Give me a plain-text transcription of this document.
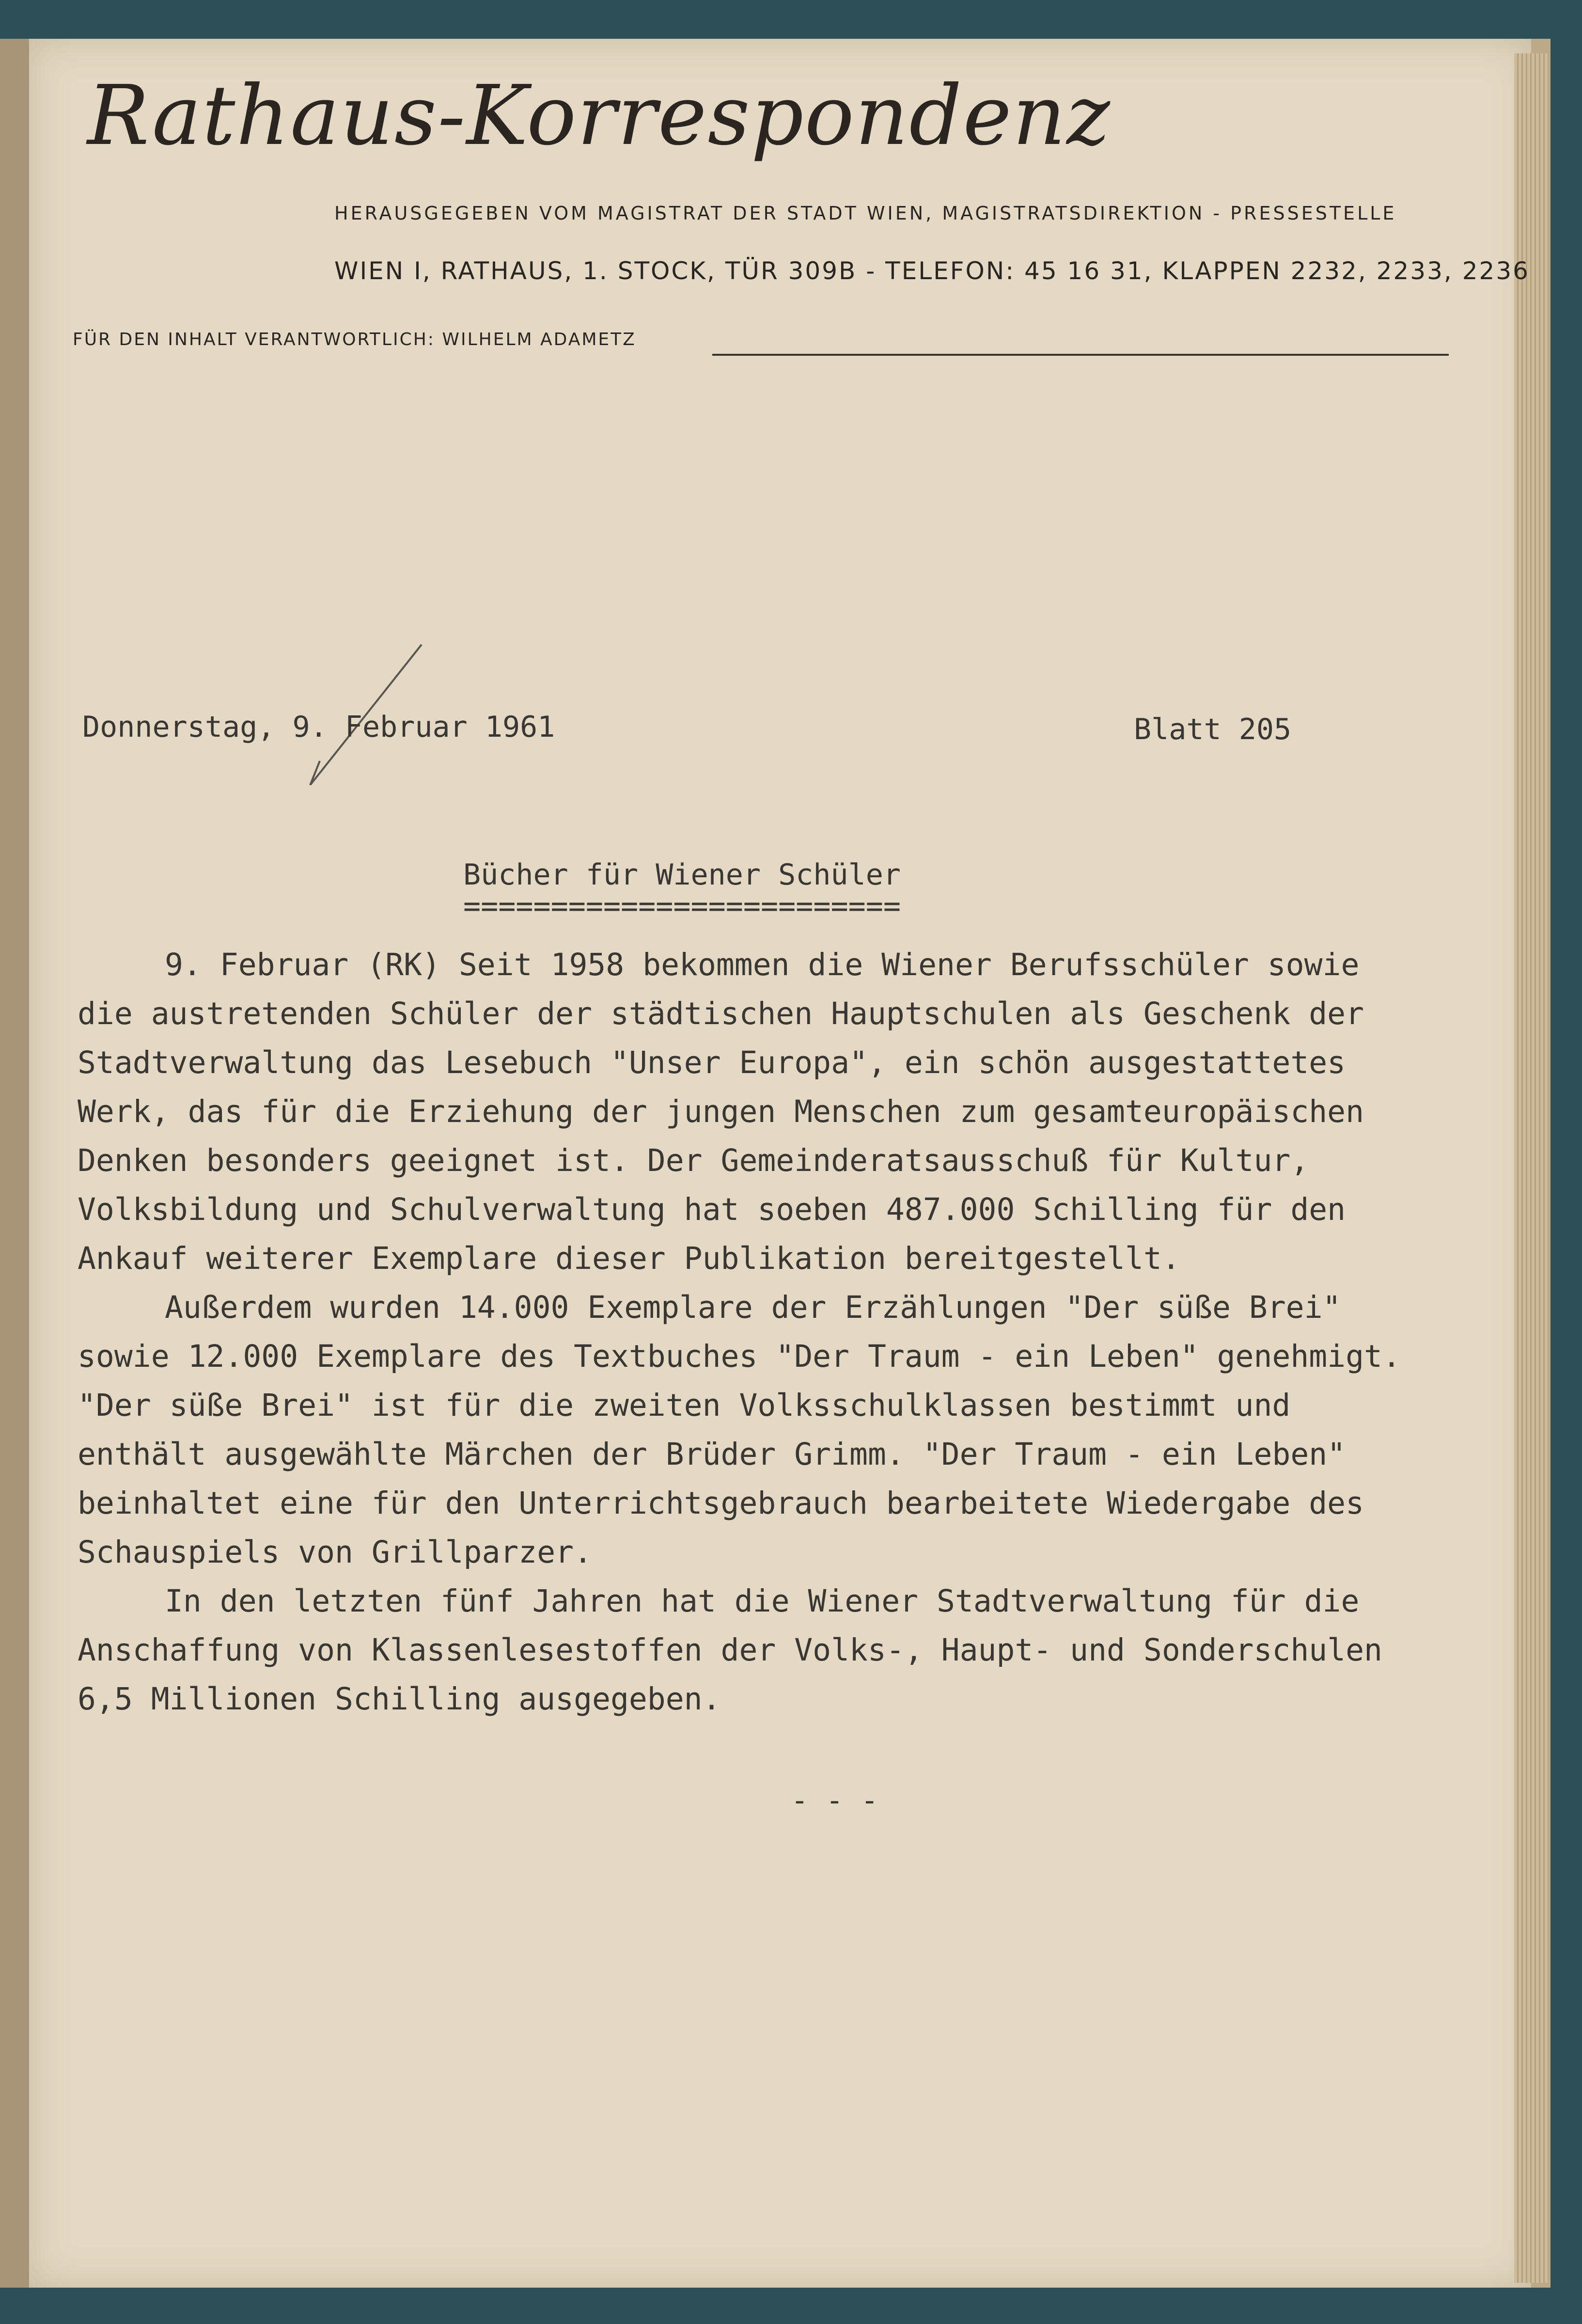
Rathaus-Korrespondenz
HERAUSGEGEBEN VOM MAGISTRAT DER STADT WIEN, MAGISTRATSDIREKTION - PRESSESTELLE
WIEN I, RATHAUS, 1. STOCK, TÜR 309B - TELEFON: 45 16 31, KLAPPEN 2232, 2233, 2236
FÜR DEN INHALT VERANTWORTLICH: WILHELM ADAMETZ
Donnerstag, 9. Februar 1961	Blatt 205
Bücher für Wiener Schüler
=========================

9. Februar (RK) Seit 1958 bekommen die Wiener Berufsschüler sowie die austretenden Schüler der städtischen Hauptschulen als Geschenk der Stadtverwaltung das Lesebuch "Unser Europa", ein schön ausgestattetes Werk, das für die Erziehung der jungen Menschen zum gesamteuropäischen Denken besonders geeignet ist. Der Gemeinderatsausschuß für Kultur, Volksbildung und Schulverwaltung hat soeben 487.000 Schilling für den Ankauf weiterer Exemplare dieser Publikation bereitgestellt.

Außerdem wurden 14.000 Exemplare der Erzählungen "Der süße Brei" sowie 12.000 Exemplare des Textbuches "Der Traum - ein Leben" genehmigt. "Der süße Brei" ist für die zweiten Volksschulklassen bestimmt und enthält ausgewählte Märchen der Brüder Grimm. "Der Traum - ein Leben" beinhaltet eine für den Unterrichtsgebrauch bearbeitete Wiedergabe des Schauspiels von Grillparzer.

In den letzten fünf Jahren hat die Wiener Stadtverwaltung für die Anschaffung von Klassenlesestoffen der Volks-, Haupt- und Sonderschulen 6,5 Millionen Schilling ausgegeben.

- - -
